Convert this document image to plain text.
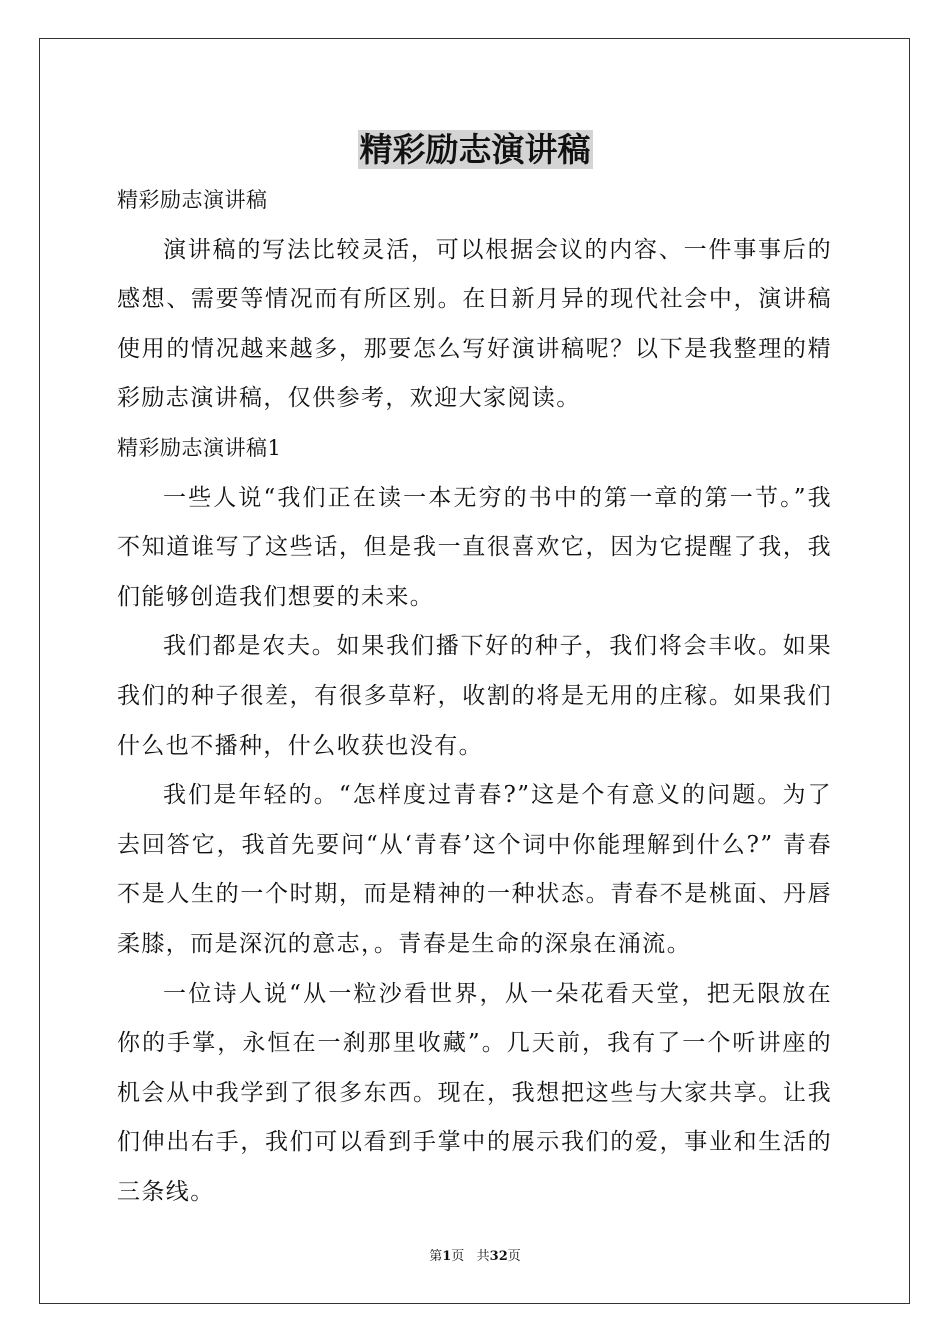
精彩励志演讲稿

精彩励志演讲稿

演讲稿的写法比较灵活，可以根据会议的内容、一件事事后的感想、需要等情况而有所区别。在日新月异的现代社会中，演讲稿使用的情况越来越多，那要怎么写好演讲稿呢？以下是我整理的精彩励志演讲稿，仅供参考，欢迎大家阅读。

精彩励志演讲稿1

一些人说“我们正在读一本无穷的书中的第一章的第一节。”我不知道谁写了这些话，但是我一直很喜欢它，因为它提醒了我，我们能够创造我们想要的未来。

我们都是农夫。如果我们播下好的种子，我们将会丰收。如果我们的种子很差，有很多草籽，收割的将是无用的庄稼。如果我们什么也不播种，什么收获也没有。

我们是年轻的。“怎样度过青春?”这是个有意义的问题。为了去回答它，我首先要问“从‘青春’这个词中你能理解到什么?” 青春不是人生的一个时期，而是精神的一种状态。青春不是桃面、丹唇柔膝，而是深沉的意志，。青春是生命的深泉在涌流。

一位诗人说“从一粒沙看世界，从一朵花看天堂，把无限放在你的手掌，永恒在一刹那里收藏”。几天前，我有了一个听讲座的机会从中我学到了很多东西。现在，我想把这些与大家共享。让我们伸出右手，我们可以看到手掌中的展示我们的爱，事业和生活的三条线。

第1页   共32页
